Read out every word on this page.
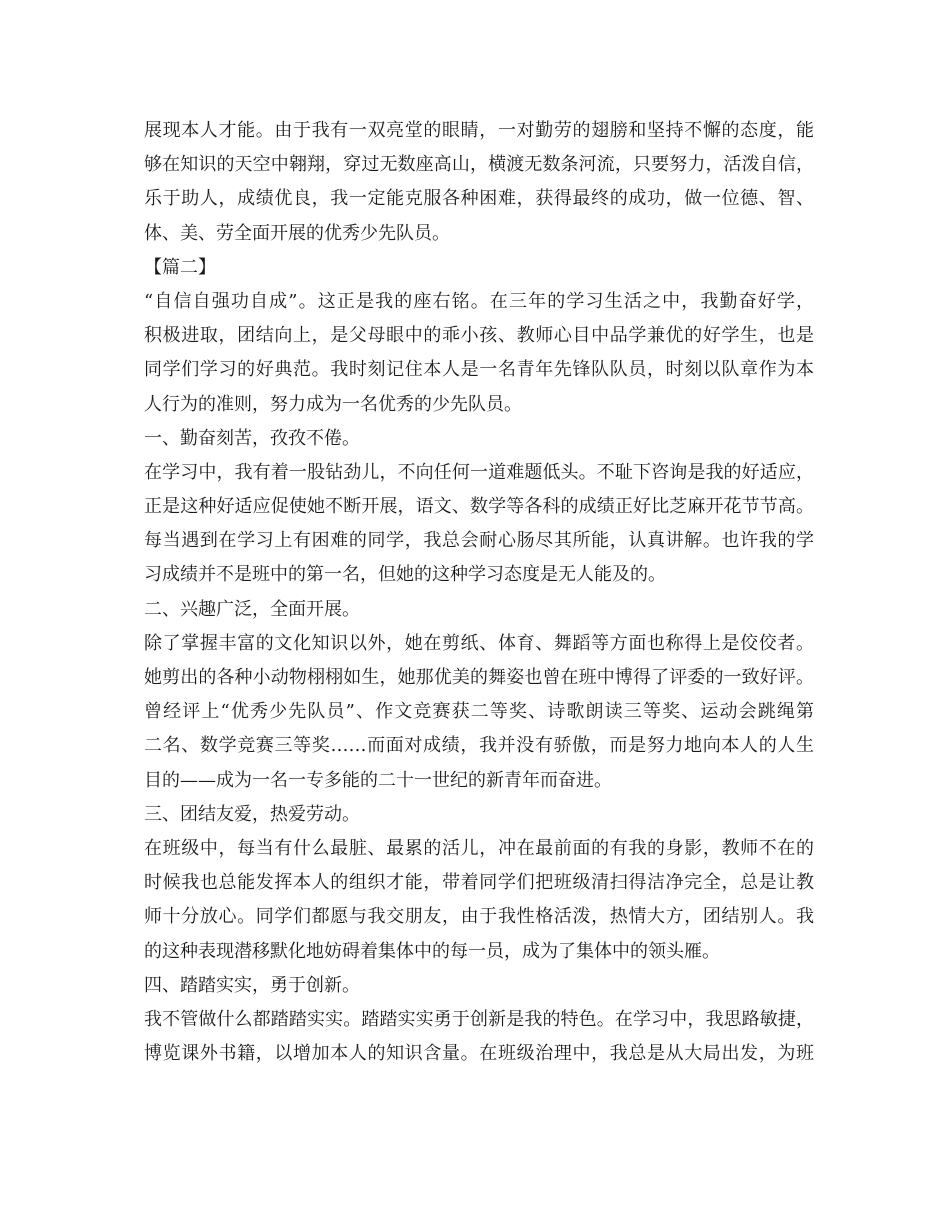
展现本人才能。由于我有一双亮堂的眼睛，一对勤劳的翅膀和坚持不懈的态度，能

够在知识的天空中翱翔，穿过无数座高山，横渡无数条河流，只要努力，活泼自信，

乐于助人，成绩优良，我一定能克服各种困难，获得最终的成功，做一位德、智、

体、美、劳全面开展的优秀少先队员。

【篇二】

“自信自强功自成”。这正是我的座右铭。在三年的学习生活之中，我勤奋好学，

积极进取，团结向上，是父母眼中的乖小孩、教师心目中品学兼优的好学生，也是

同学们学习的好典范。我时刻记住本人是一名青年先锋队队员，时刻以队章作为本

人行为的准则，努力成为一名优秀的少先队员。

一、勤奋刻苦，孜孜不倦。

在学习中，我有着一股钻劲儿，不向任何一道难题低头。不耻下咨询是我的好适应，

正是这种好适应促使她不断开展，语文、数学等各科的成绩正好比芝麻开花节节高。

每当遇到在学习上有困难的同学，我总会耐心肠尽其所能，认真讲解。也许我的学

习成绩并不是班中的第一名，但她的这种学习态度是无人能及的。

二、兴趣广泛，全面开展。

除了掌握丰富的文化知识以外，她在剪纸、体育、舞蹈等方面也称得上是佼佼者。

她剪出的各种小动物栩栩如生，她那优美的舞姿也曾在班中博得了评委的一致好评。

曾经评上“优秀少先队员”、作文竞赛获二等奖、诗歌朗读三等奖、运动会跳绳第

二名、数学竞赛三等奖……而面对成绩，我并没有骄傲，而是努力地向本人的人生

目的——成为一名一专多能的二十一世纪的新青年而奋进。

三、团结友爱，热爱劳动。

在班级中，每当有什么最脏、最累的活儿，冲在最前面的有我的身影，教师不在的

时候我也总能发挥本人的组织才能，带着同学们把班级清扫得洁净完全，总是让教

师十分放心。同学们都愿与我交朋友，由于我性格活泼，热情大方，团结别人。我

的这种表现潜移默化地妨碍着集体中的每一员，成为了集体中的领头雁。

四、踏踏实实，勇于创新。

我不管做什么都踏踏实实。踏踏实实勇于创新是我的特色。在学习中，我思路敏捷，

博览课外书籍，以增加本人的知识含量。在班级治理中，我总是从大局出发，为班
